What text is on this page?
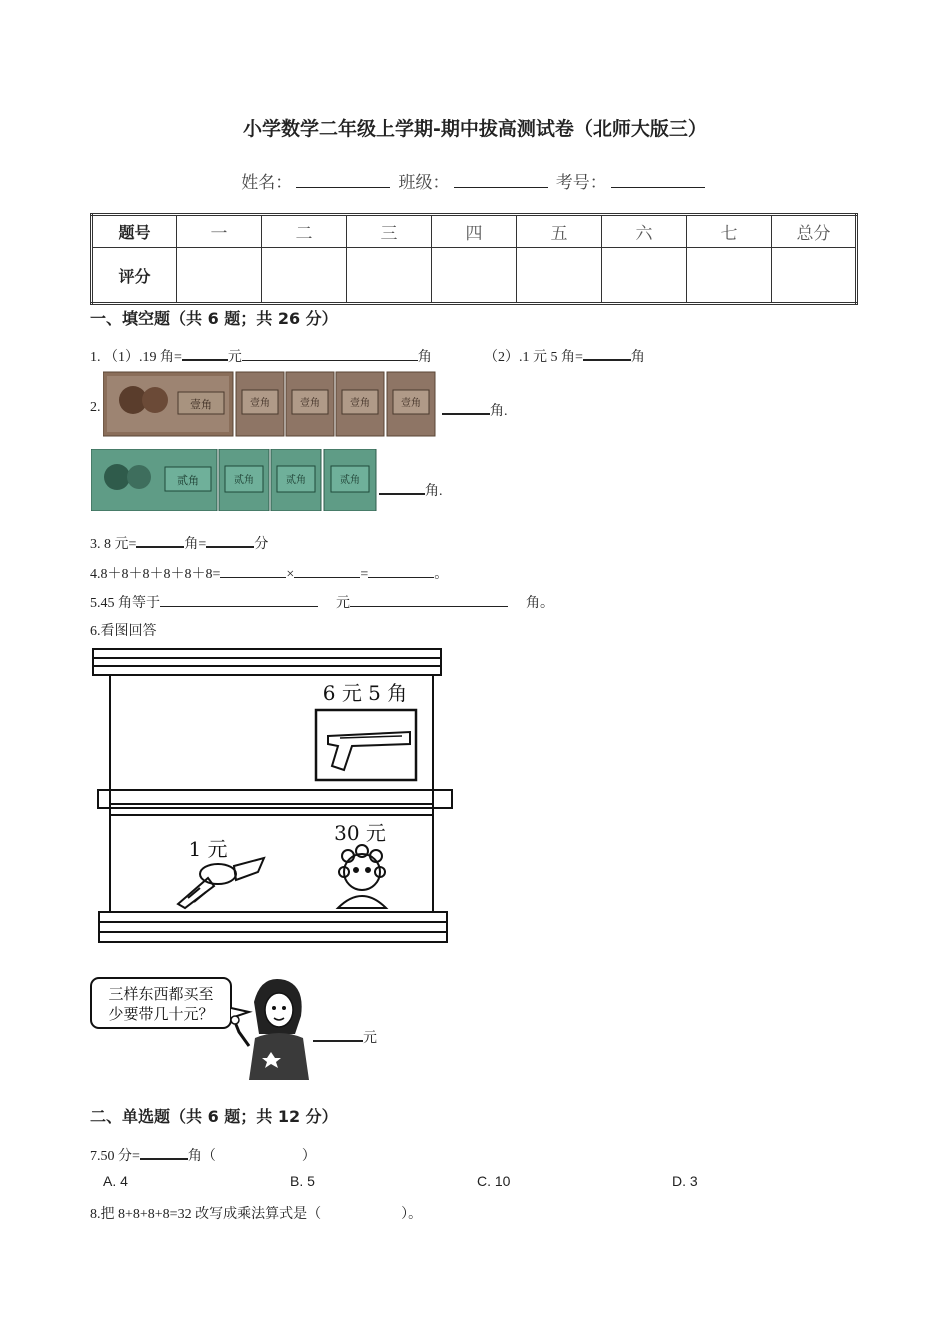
小学数学二年级上学期-期中拔高测试卷（北师大版三）
姓名：	班级：	考号：
题号	一	二	三	四	五	六	七	总分
评分								
一、填空题（共 6 题；共 26 分）
1. （1）.19 角=	元	角	（2）.1 元 5 角=	角
2.	壹角	壹角	壹角	壹角	壹角
角.
贰角	贰角	贰角	贰角
角.
3. 8 元=	角=	分
4.8＋8＋8＋8＋8＋8=	×	=	。
5.45 角等于	元	角。
6.看图回答
6 元 5 角
1 元
30 元
三样东西都买至
少要带几十元？
元
二、单选题（共 6 题；共 12 分）
7.50 分=	角（	）
A. 4	B. 5	C. 10	D. 3
8.把 8+8+8+8=32 改写成乘法算式是（	）。
